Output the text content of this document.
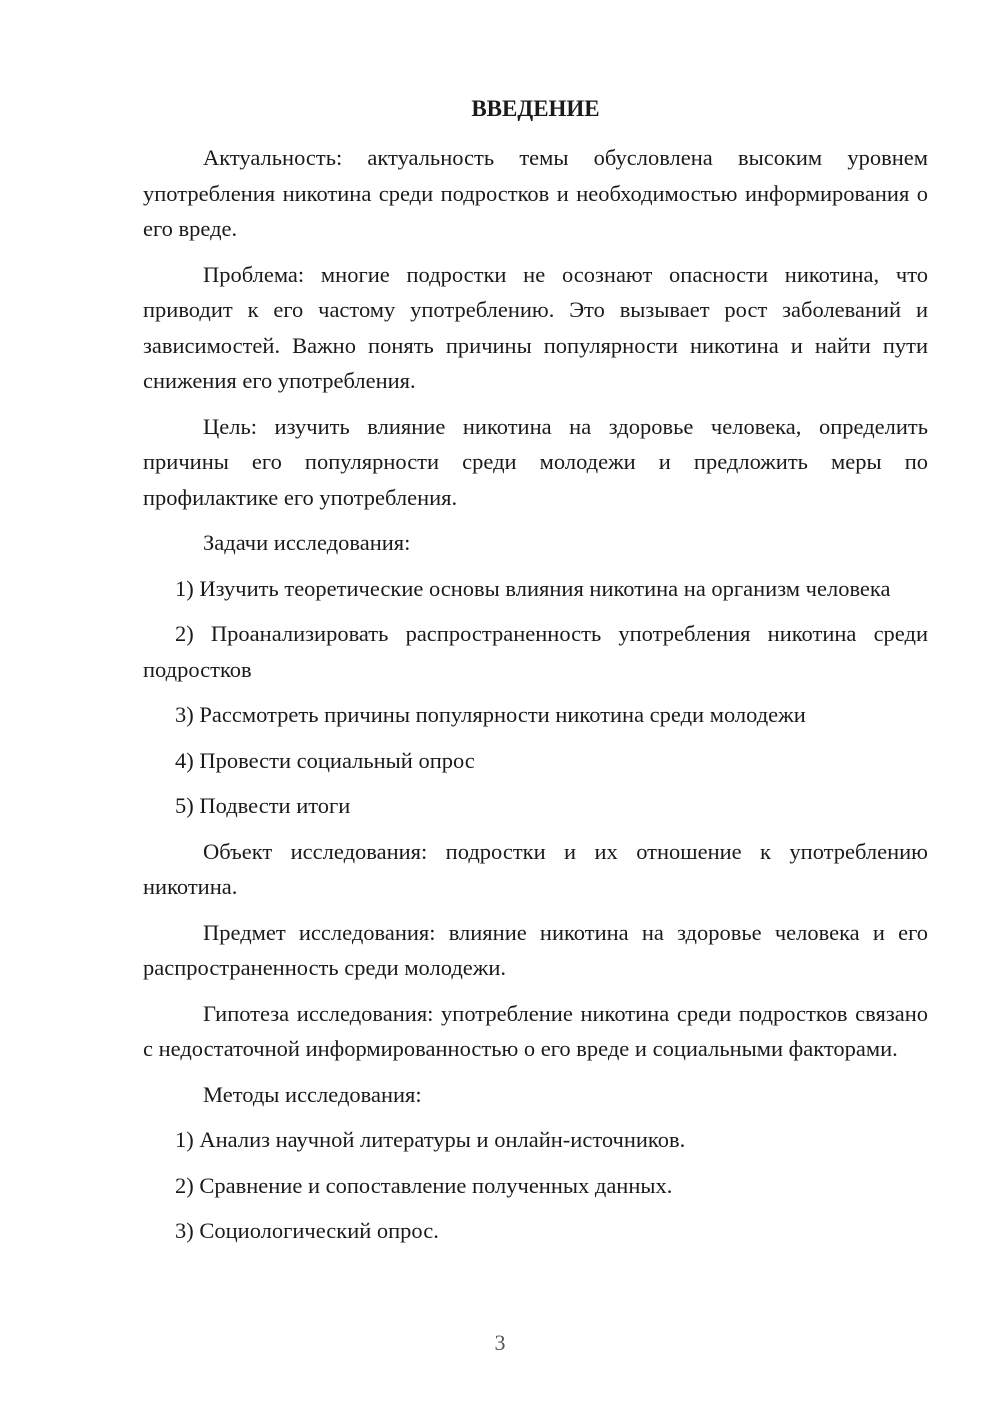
ВВЕДЕНИЕ

Актуальность: актуальность темы обусловлена высоким уровнем употребления никотина среди подростков и необходимостью информирования о его вреде.

Проблема: многие подростки не осознают опасности никотина, что приводит к его частому употреблению. Это вызывает рост заболеваний и зависимостей. Важно понять причины популярности никотина и найти пути снижения его употребления.

Цель: изучить влияние никотина на здоровье человека, определить причины его популярности среди молодежи и предложить меры по профилактике его употребления.

Задачи исследования:

1) Изучить теоретические основы влияния никотина на организм человека

2) Проанализировать распространенность употребления никотина среди подростков

3) Рассмотреть причины популярности никотина среди молодежи

4) Провести социальный опрос

5) Подвести итоги

Объект исследования: подростки и их отношение к употреблению никотина.

Предмет исследования: влияние никотина на здоровье человека и его распространенность среди молодежи.

Гипотеза исследования: употребление никотина среди подростков связано с недостаточной информированностью о его вреде и социальными факторами.

Методы исследования:

1) Анализ научной литературы и онлайн-источников.

2) Сравнение и сопоставление полученных данных.

3) Социологический опрос.

3
